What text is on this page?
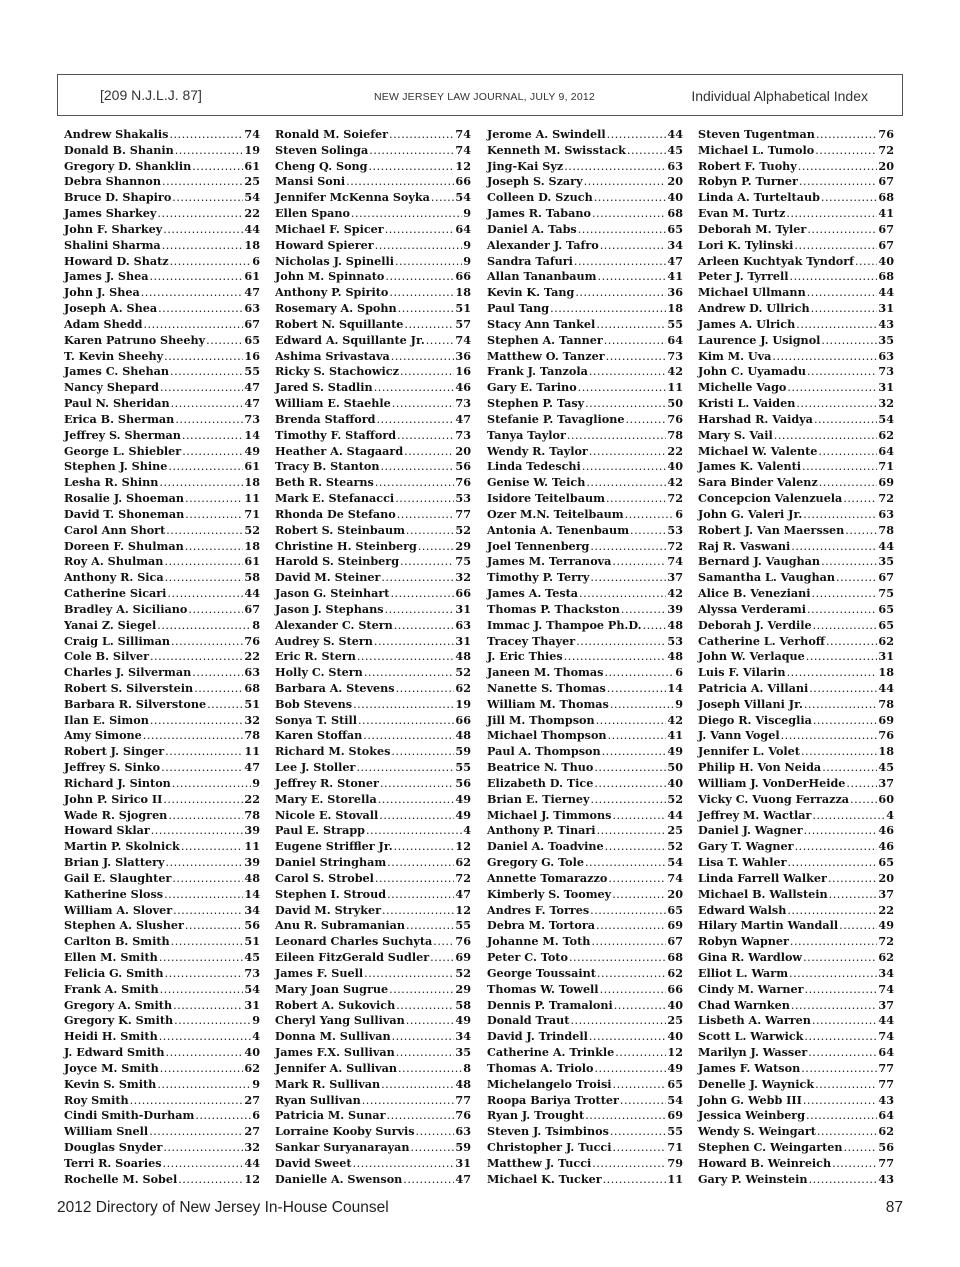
[209 N.J.L.J. 87]	NEW JERSEY LAW JOURNAL, JULY 9, 2012	Individual Alphabetical Index
Andrew Shakalis .....	74
Donald B. Shanin .....	19
Gregory D. Shanklin .....	61
Debra Shannon .....	25
Bruce D. Shapiro .....	54
James Sharkey .....	22
John F. Sharkey .....	44
Shalini Sharma .....	18
Howard D. Shatz .....	6
James J. Shea .....	61
John J. Shea .....	47
Joseph A. Shea .....	63
Adam Shedd .....	67
Karen Patruno Sheehy .....	65
T. Kevin Sheehy .....	16
James C. Shehan .....	55
Nancy Shepard .....	47
Paul N. Sheridan .....	47
Erica B. Sherman .....	73
Jeffrey S. Sherman .....	14
George L. Shiebler .....	49
Stephen J. Shine .....	61
Lesha R. Shinn .....	18
Rosalie J. Shoeman .....	11
David T. Shoneman .....	71
Carol Ann Short .....	52
Doreen F. Shulman .....	18
Roy A. Shulman .....	61
Anthony R. Sica .....	58
Catherine Sicari .....	44
Bradley A. Siciliano .....	67
Yanai Z. Siegel .....	8
Craig L. Silliman .....	76
Cole B. Silver .....	22
Charles J. Silverman .....	63
Robert S. Silverstein .....	68
Barbara R. Silverstone .....	51
Ilan E. Simon .....	32
Amy Simone .....	78
Robert J. Singer .....	11
Jeffrey S. Sinko .....	47
Richard J. Sinton .....	9
John P. Sirico II .....	22
Wade R. Sjogren .....	78
Howard Sklar .....	39
Martin P. Skolnick .....	11
Brian J. Slattery .....	39
Gail E. Slaughter .....	48
Katherine Sloss .....	14
William A. Slover .....	34
Stephen A. Slusher .....	56
Carlton B. Smith .....	51
Ellen M. Smith .....	45
Felicia G. Smith .....	73
Frank A. Smith .....	54
Gregory A. Smith .....	31
Gregory K. Smith .....	9
Heidi H. Smith .....	4
J. Edward Smith .....	40
Joyce M. Smith .....	62
Kevin S. Smith .....	9
Roy Smith .....	27
Cindi Smith-Durham .....	6
William Snell .....	27
Douglas Snyder .....	32
Terri R. Soaries .....	44
Rochelle M. Sobel .....	12
Ronald M. Soiefer .....	74
Steven Solinga .....	74
Cheng Q. Song .....	12
Mansi Soni .....	66
Jennifer McKenna Soyka ..... 54
Ellen Spano .....	9
Michael F. Spicer .....	64
Howard Spierer .....	9
Nicholas J. Spinelli .....	9
John M. Spinnato .....	66
Anthony P. Spirito .....	18
Rosemary A. Spohn .....	51
Robert N. Squillante .....	57
Edward A. Squillante Jr. .....	74
Ashima Srivastava .....	36
Ricky S. Stachowicz .....	16
Jared S. Stadlin .....	46
William E. Staehle .....	73
Brenda Stafford .....	47
Timothy F. Stafford .....	73
Heather A. Stagaard .....	20
Tracy B. Stanton .....	56
Beth R. Stearns .....	76
Mark E. Stefanacci .....	53
Rhonda De Stefano .....	77
Robert S. Steinbaum .....	52
Christine H. Steinberg .....	29
Harold S. Steinberg .....	75
David M. Steiner .....	32
Jason G. Steinhart .....	66
Jason J. Stephans .....	31
Alexander C. Stern .....	63
Audrey S. Stern .....	31
Eric R. Stern .....	48
Holly C. Stern .....	52
Barbara A. Stevens .....	62
Bob Stevens .....	19
Sonya T. Still .....	66
Karen Stoffan .....	48
Richard M. Stokes .....	59
Lee J. Stoller .....	55
Jeffrey R. Stoner .....	56
Mary E. Storella .....	49
Nicole E. Stovall .....	49
Paul E. Strapp .....	4
Eugene Striffler Jr. .....	12
Daniel Stringham .....	62
Carol S. Strobel .....	72
Stephen I. Stroud .....	47
David M. Stryker .....	12
Anu R. Subramanian .....	55
Leonard Charles Suchyta ..... 76
Eileen FitzGerald Sudler ..... 69
James F. Suell .....	52
Mary Joan Sugrue .....	29
Robert A. Sukovich .....	58
Cheryl Yang Sullivan .....	49
Donna M. Sullivan .....	34
James F.X. Sullivan .....	35
Jennifer A. Sullivan .....	8
Mark R. Sullivan .....	48
Ryan Sullivan .....	77
Patricia M. Sunar .....	76
Lorraine Kooby Survis .....	63
Sankar Suryanarayan .....	59
David Sweet .....	31
Danielle A. Swenson .....	47
Jerome A. Swindell .....	44
Kenneth M. Swisstack .....	45
Jing-Kai Syz .....	63
Joseph S. Szary .....	20
Colleen D. Szuch .....	40
James R. Tabano .....	68
Daniel A. Tabs .....	65
Alexander J. Tafro .....	34
Sandra Tafuri .....	47
Allan Tananbaum .....	41
Kevin K. Tang .....	36
Paul Tang .....	18
Stacy Ann Tankel .....	55
Stephen A. Tanner .....	64
Matthew O. Tanzer .....	73
Frank J. Tanzola .....	42
Gary E. Tarino .....	11
Stephen P. Tasy .....	50
Stefanie P. Tavaglione .....	76
Tanya Taylor .....	78
Wendy R. Taylor .....	22
Linda Tedeschi .....	40
Genise W. Teich .....	42
Isidore Teitelbaum .....	72
Ozer M.N. Teitelbaum .....	6
Antonia A. Tenenbaum .....	53
Joel Tennenberg .....	72
James M. Terranova .....	74
Timothy P. Terry .....	37
James A. Testa .....	42
Thomas P. Thackston .....	39
Immac J. Thampoe Ph.D. ..... 48
Tracey Thayer .....	53
J. Eric Thies .....	48
Janeen M. Thomas .....	6
Nanette S. Thomas .....	14
William M. Thomas .....	9
Jill M. Thompson .....	42
Michael Thompson .....	41
Paul A. Thompson .....	49
Beatrice N. Thuo .....	50
Elizabeth D. Tice .....	40
Brian E. Tierney .....	52
Michael J. Timmons .....	44
Anthony P. Tinari .....	25
Daniel A. Toadvine .....	52
Gregory G. Tole .....	54
Annette Tomarazzo .....	74
Kimberly S. Toomey .....	20
Andres F. Torres .....	65
Debra M. Tortora .....	69
Johanne M. Toth .....	67
Peter C. Toto .....	68
George Toussaint .....	62
Thomas W. Towell .....	66
Dennis P. Tramaloni .....	40
Donald Traut .....	25
David J. Trindell .....	40
Catherine A. Trinkle .....	12
Thomas A. Triolo .....	49
Michelangelo Troisi .....	65
Roopa Bariya Trotter .....	54
Ryan J. Trought .....	69
Steven J. Tsimbinos .....	55
Christopher J. Tucci .....	71
Matthew J. Tucci .....	79
Michael K. Tucker .....	11
Steven Tugentman .....	76
Michael L. Tumolo .....	72
Robert F. Tuohy .....	20
Robyn P. Turner .....	67
Linda A. Turteltaub .....	68
Evan M. Turtz .....	41
Deborah M. Tyler .....	67
Lori K. Tylinski .....	67
Arleen Kuchtyak Tyndorf ..... 40
Peter J. Tyrrell .....	68
Michael Ullmann .....	44
Andrew D. Ullrich .....	31
James A. Ulrich .....	43
Laurence J. Usignol .....	35
Kim M. Uva .....	63
John C. Uyamadu .....	73
Michelle Vago .....	31
Kristi L. Vaiden .....	32
Harshad R. Vaidya .....	54
Mary S. Vail .....	62
Michael W. Valente .....	64
James K. Valenti .....	71
Sara Binder Valenz .....	69
Concepcion Valenzuela .....	72
John G. Valeri Jr. .....	63
Robert J. Van Maerssen .....	78
Raj R. Vaswani .....	44
Bernard J. Vaughan .....	35
Samantha L. Vaughan .....	67
Alice B. Veneziani .....	75
Alyssa Verderami .....	65
Deborah J. Verdile .....	65
Catherine L. Verhoff .....	62
John W. Verlaque .....	31
Luis F. Vilarin .....	18
Patricia A. Villani .....	44
Joseph Villani Jr. .....	78
Diego R. Visceglia .....	69
J. Vann Vogel .....	76
Jennifer L. Volet .....	18
Philip H. Von Neida .....	45
William J. VonDerHeide .....	37
Vicky C. Vuong Ferrazza .....	60
Jeffrey M. Wactlar .....	4
Daniel J. Wagner .....	46
Gary T. Wagner .....	46
Lisa T. Wahler .....	65
Linda Farrell Walker .....	20
Michael B. Wallstein .....	37
Edward Walsh .....	22
Hilary Martin Wandall .....	49
Robyn Wapner .....	72
Gina R. Wardlow .....	62
Elliot L. Warm .....	34
Cindy M. Warner .....	74
Chad Warnken .....	37
Lisbeth A. Warren .....	44
Scott L. Warwick .....	74
Marilyn J. Wasser .....	64
James F. Watson .....	77
Denelle J. Waynick .....	77
John G. Webb III .....	43
Jessica Weinberg .....	64
Wendy S. Weingart .....	62
Stephen C. Weingarten .....	56
Howard B. Weinreich .....	77
Gary P. Weinstein .....	43
2012 Directory of New Jersey In-House Counsel	87
